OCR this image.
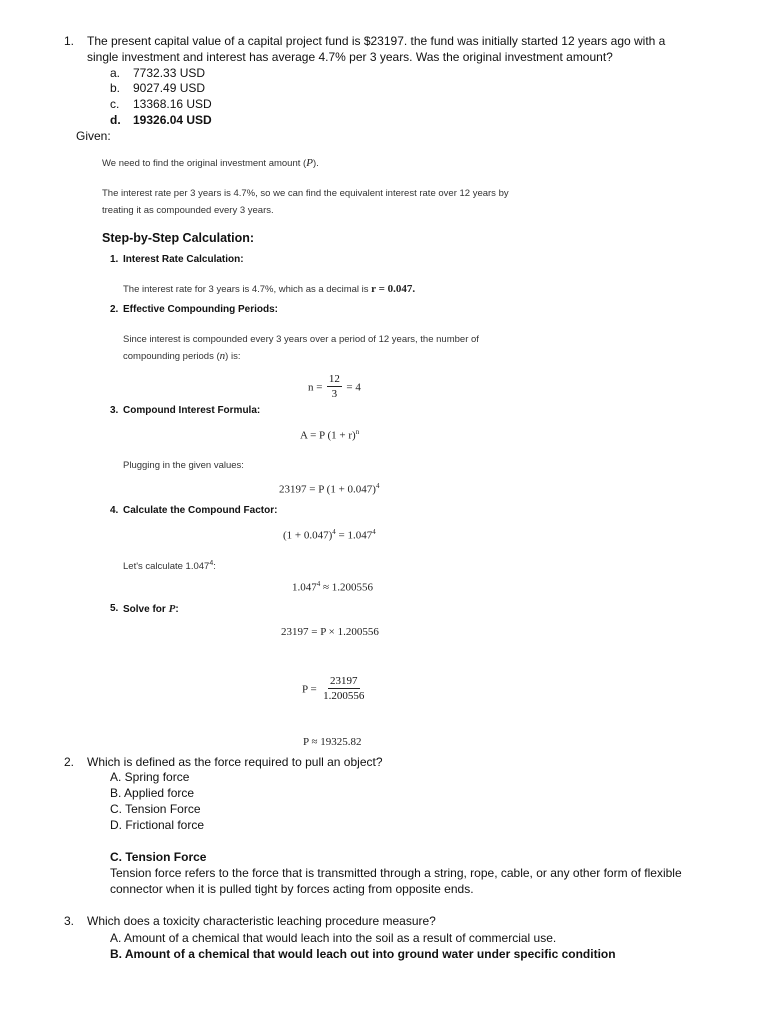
1. The present capital value of a capital project fund is $23197. the fund was initially started 12 years ago with a
single investment and interest has average 4.7% per 3 years. Was the original investment amount?
a. 7732.33 USD
b. 9027.49 USD
c. 13368.16 USD
d. 19326.04 USD
Given:
We need to find the original investment amount (P).
The interest rate per 3 years is 4.7%, so we can find the equivalent interest rate over 12 years by
treating it as compounded every 3 years.
Step-by-Step Calculation:
1. Interest Rate Calculation:
The interest rate for 3 years is 4.7%, which as a decimal is r = 0.047.
2. Effective Compounding Periods:
Since interest is compounded every 3 years over a period of 12 years, the number of
compounding periods (n) is:
$n = \frac{12}{3} = 4$
3. Compound Interest Formula:
A = P $(1 + r)^n$
Plugging in the given values:
23197 = P $(1 + 0.047)^4$
4. Calculate the Compound Factor:
$(1 + 0.047)^4 = 1.047^4$
Let's calculate 1.047$^4$:
$1.047^4 \approx 1.200556$
5. Solve for P:
23197 = P × 1.200556
$P = \frac{23197}{1.200556}$
P ≈ 19325.82
2. Which is defined as the force required to pull an object?
A. Spring force
B. Applied force
C. Tension Force
D. Frictional force
C. Tension Force
Tension force refers to the force that is transmitted through a string, rope, cable, or any other form of flexible
connector when it is pulled tight by forces acting from opposite ends.
3. Which does a toxicity characteristic leaching procedure measure?
A. Amount of a chemical that would leach into the soil as a result of commercial use.
B. Amount of a chemical that would leach out into ground water under specific condition
